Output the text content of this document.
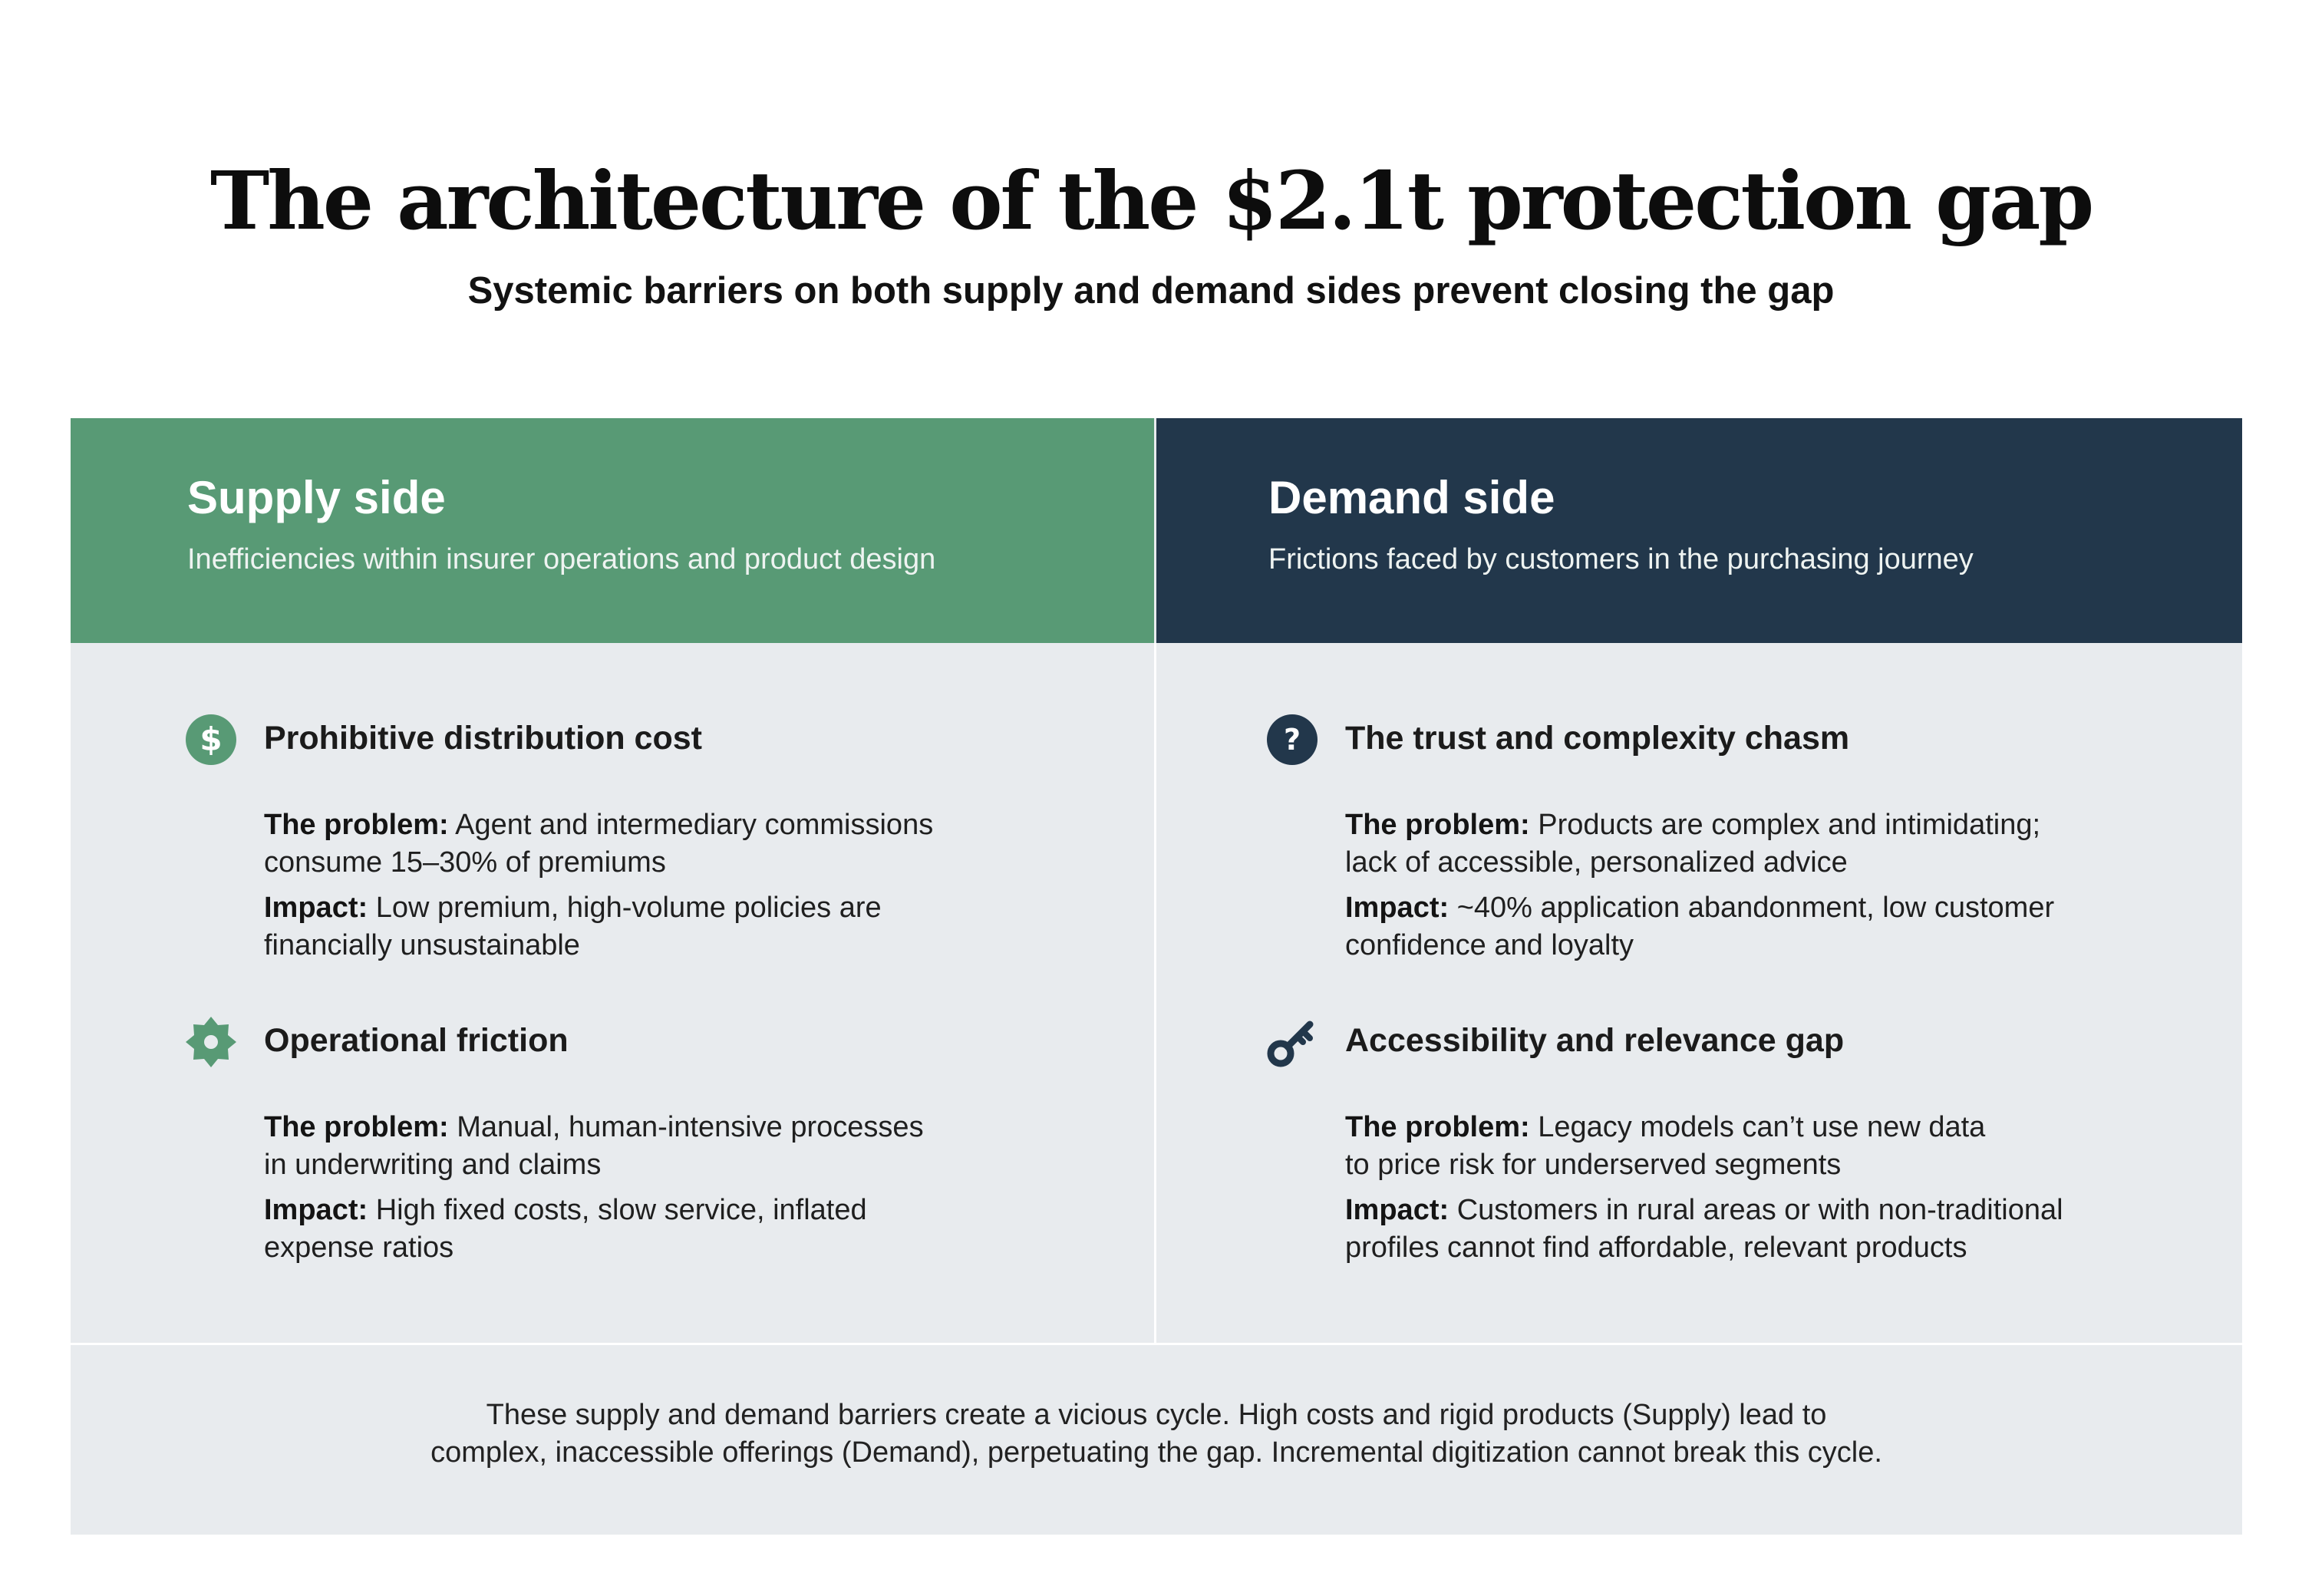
The architecture of the $2.1t protection gap
Systemic barriers on both supply and demand sides prevent closing the gap
Supply side

Inefficiencies within insurer operations and product design

Demand side

Frictions faced by customers in the purchasing journey

$ Prohibitive distribution cost
The problem: Agent and intermediary commissions
consume 15–30% of premiums
Impact: Low premium, high-volume policies are
financially unsustainable
Operational friction
The problem: Manual, human-intensive processes
in underwriting and claims
Impact: High fixed costs, slow service, inflated
expense ratios
? The trust and complexity chasm
The problem: Products are complex and intimidating;
lack of accessible, personalized advice
Impact: ~40% application abandonment, low customer
confidence and loyalty
Accessibility and relevance gap
The problem: Legacy models can’t use new data
to price risk for underserved segments
Impact: Customers in rural areas or with non-traditional
profiles cannot find affordable, relevant products
These supply and demand barriers create a vicious cycle. High costs and rigid products (Supply) lead to
complex, inaccessible offerings (Demand), perpetuating the gap. Incremental digitization cannot break this cycle.
